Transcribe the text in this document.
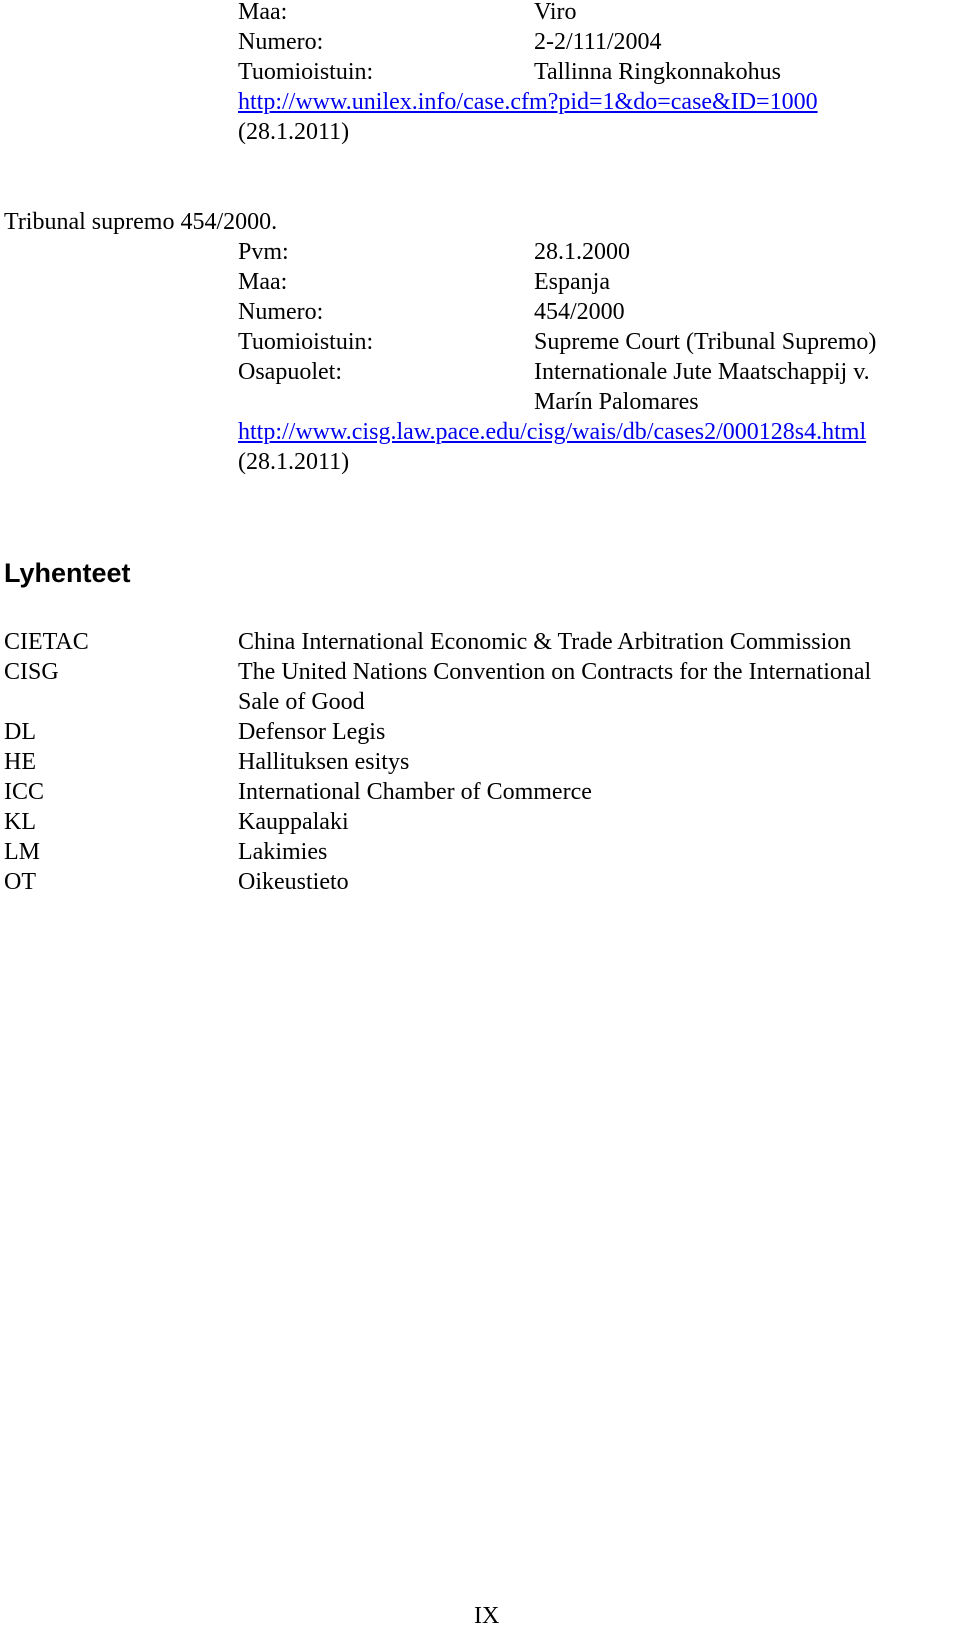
Maa:	Viro
Numero:	2-2/111/2004
Tuomioistuin:	Tallinna Ringkonnakohus
http://www.unilex.info/case.cfm?pid=1&do=case&ID=1000
(28.1.2011)
Tribunal supremo 454/2000.
Pvm:	28.1.2000
Maa:	Espanja
Numero:	454/2000
Tuomioistuin:	Supreme Court (Tribunal Supremo)
Osapuolet:	Internationale Jute Maatschappij v.
Marín Palomares
http://www.cisg.law.pace.edu/cisg/wais/db/cases2/000128s4.html
(28.1.2011)
Lyhenteet
CIETAC	China International Economic & Trade Arbitration Commission
CISG	The United Nations Convention on Contracts for the International
Sale of Good
DL	Defensor Legis
HE	Hallituksen esitys
ICC	International Chamber of Commerce
KL	Kauppalaki
LM	Lakimies
OT	Oikeustieto
IX
